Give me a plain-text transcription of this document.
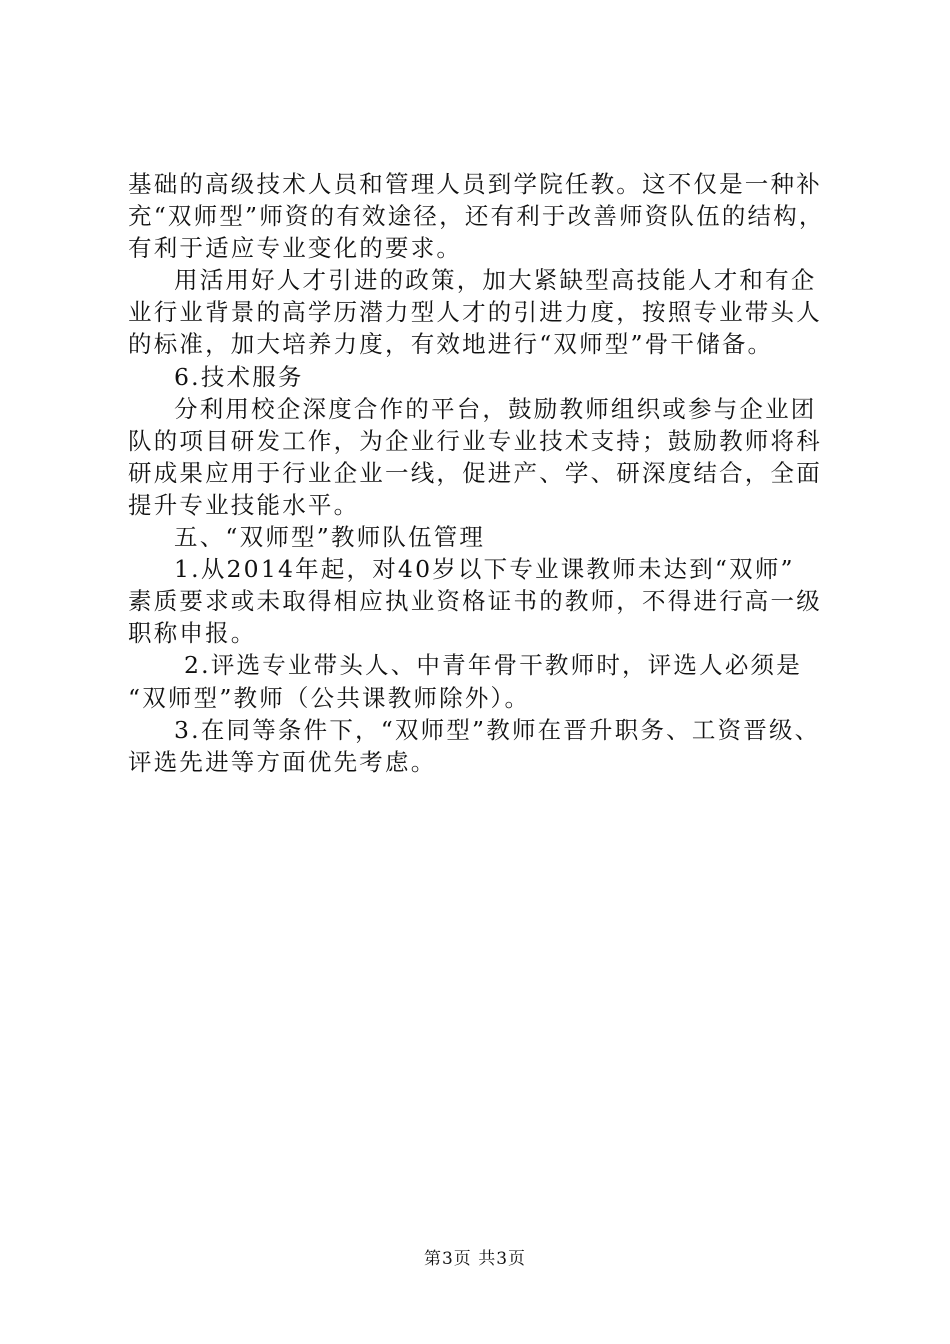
基础的高级技术人员和管理人员到学院任教。这不仅是一种补
充“双师型”师资的有效途径，还有利于改善师资队伍的结构，
有利于适应专业变化的要求。
用活用好人才引进的政策，加大紧缺型高技能人才和有企
业行业背景的高学历潜力型人才的引进力度，按照专业带头人
的标准，加大培养力度，有效地进行“双师型”骨干储备。
6.技术服务
分利用校企深度合作的平台，鼓励教师组织或参与企业团
队的项目研发工作，为企业行业专业技术支持；鼓励教师将科
研成果应用于行业企业一线，促进产、学、研深度结合，全面
提升专业技能水平。
五、“双师型”教师队伍管理
1.从2014年起，对40岁以下专业课教师未达到“双师”
素质要求或未取得相应执业资格证书的教师，不得进行高一级
职称申报。
2.评选专业带头人、中青年骨干教师时，评选人必须是
“双师型”教师（公共课教师除外）。
3.在同等条件下，“双师型”教师在晋升职务、工资晋级、
评选先进等方面优先考虑。
第3页 共3页
